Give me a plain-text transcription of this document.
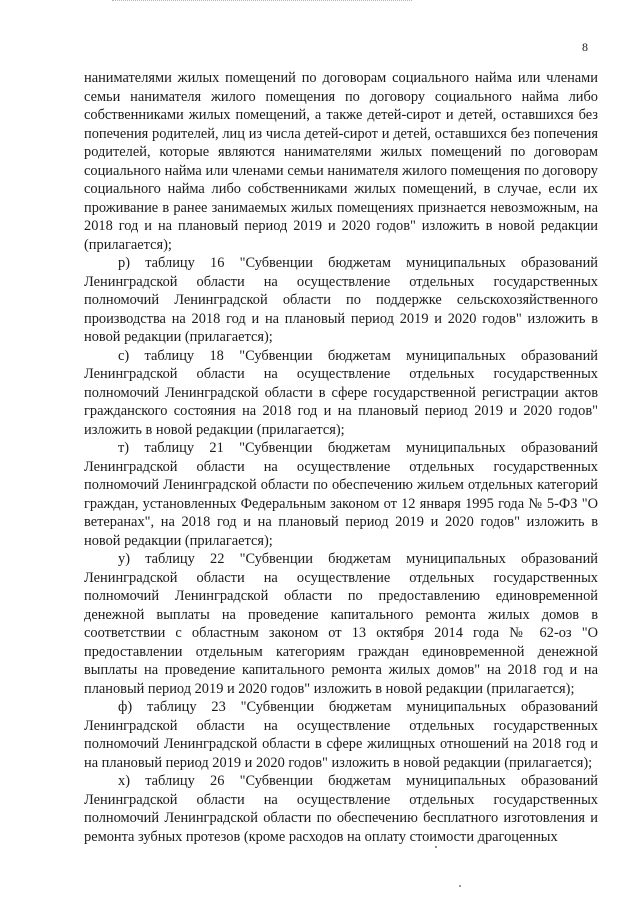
8

нанимателями жилых помещений по договорам социального найма или членами семьи нанимателя жилого помещения по договору социального найма либо собственниками жилых помещений, а также детей-сирот и детей, оставшихся без попечения родителей, лиц из числа детей-сирот и детей, оставшихся без попечения родителей, которые являются нанимателями жилых помещений по договорам социального найма или членами семьи нанимателя жилого помещения по договору социального найма либо собственниками жилых помещений, в случае, если их проживание в ранее занимаемых жилых помещениях признается невозможным, на 2018 год и на плановый период 2019 и 2020 годов" изложить в новой редакции (прилагается);

р) таблицу 16 "Субвенции бюджетам муниципальных образований Ленинградской области на осуществление отдельных государственных полномочий Ленинградской области по поддержке сельскохозяйственного производства на 2018 год и на плановый период 2019 и 2020 годов" изложить в новой редакции (прилагается);

с) таблицу 18 "Субвенции бюджетам муниципальных образований Ленинградской области на осуществление отдельных государственных полномочий Ленинградской области в сфере государственной регистрации актов гражданского состояния на 2018 год и на плановый период 2019 и 2020 годов" изложить в новой редакции (прилагается);

т) таблицу 21 "Субвенции бюджетам муниципальных образований Ленинградской области на осуществление отдельных государственных полномочий Ленинградской области по обеспечению жильем отдельных категорий граждан, установленных Федеральным законом от 12 января 1995 года № 5-ФЗ "О ветеранах", на 2018 год и на плановый период 2019 и 2020 годов" изложить в новой редакции (прилагается);

у) таблицу 22 "Субвенции бюджетам муниципальных образований Ленинградской области на осуществление отдельных государственных полномочий Ленинградской области по предоставлению единовременной денежной выплаты на проведение капитального ремонта жилых домов в соответствии с областным законом от 13 октября 2014 года № 62-оз "О предоставлении отдельным категориям граждан единовременной денежной выплаты на проведение капитального ремонта жилых домов" на 2018 год и на плановый период 2019 и 2020 годов" изложить в новой редакции (прилагается);

ф) таблицу 23 "Субвенции бюджетам муниципальных образований Ленинградской области на осуществление отдельных государственных полномочий Ленинградской области в сфере жилищных отношений на 2018 год и на плановый период 2019 и 2020 годов" изложить в новой редакции (прилагается);

х) таблицу 26 "Субвенции бюджетам муниципальных образований Ленинградской области на осуществление отдельных государственных полномочий Ленинградской области по обеспечению бесплатного изготовления и ремонта зубных протезов (кроме расходов на оплату стоимости драгоценных
